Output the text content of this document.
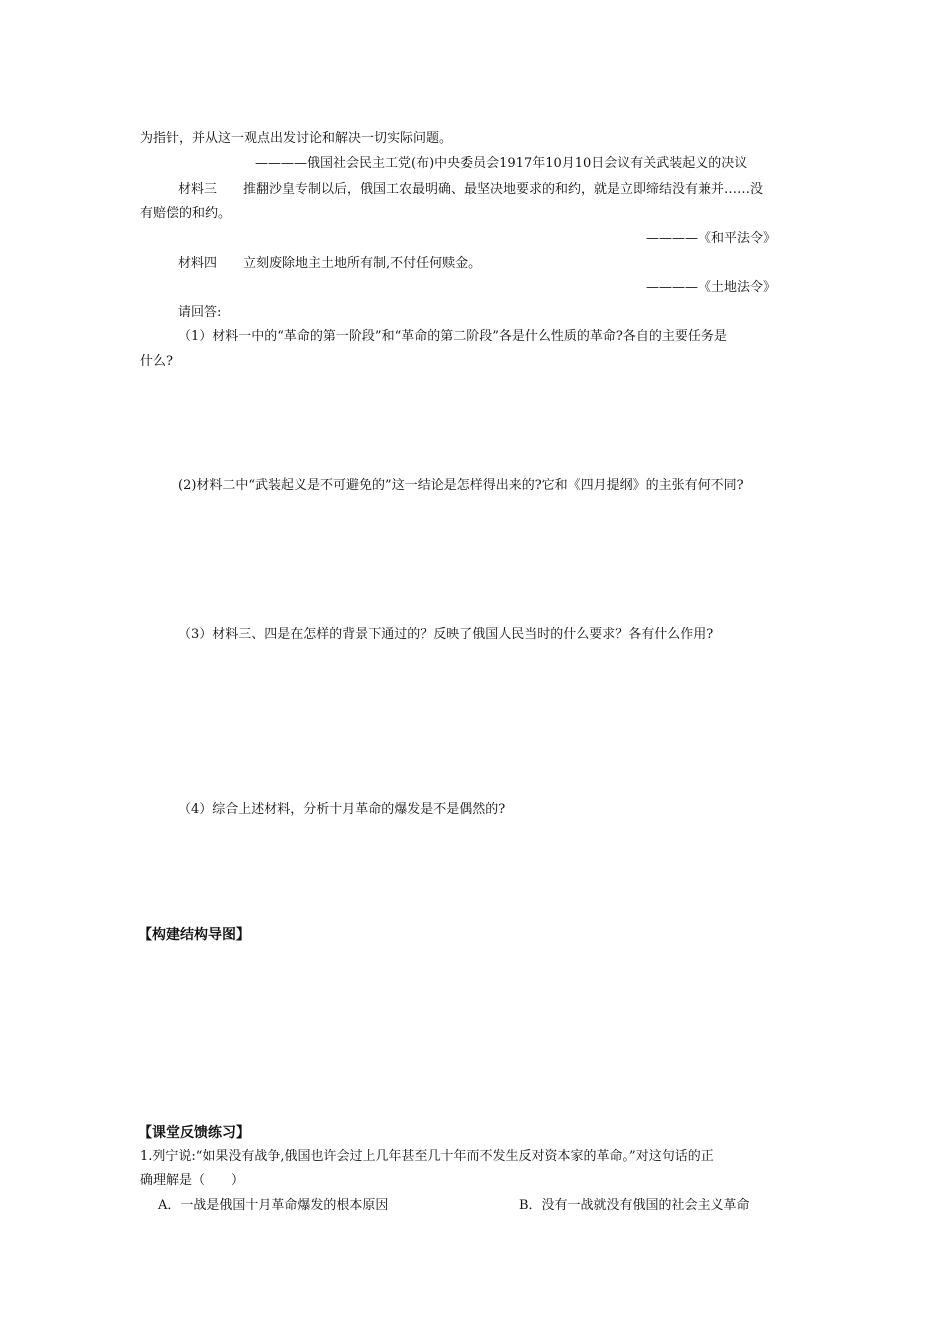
为指针，并从这一观点出发讨论和解决一切实际问题。

————俄国社会民主工党(布)中央委员会1917年10月10日会议有关武装起义的决议

材料三 推翻沙皇专制以后，俄国工农最明确、最坚决地要求的和约，就是立即缔结没有兼并……没

有赔偿的和约。

————《和平法令》

材料四 立刻废除地主土地所有制,不付任何赎金。

————《土地法令》

请回答:

（1）材料一中的“革命的第一阶段”和“革命的第二阶段”各是什么性质的革命?各自的主要任务是

什么?

(2)材料二中“武装起义是不可避免的”这一结论是怎样得出来的?它和《四月提纲》的主张有何不同?

（3）材料三、四是在怎样的背景下通过的？反映了俄国人民当时的什么要求？各有什么作用?

（4）综合上述材料，分析十月革命的爆发是不是偶然的?

【构建结构导图】

【课堂反馈练习】

1.列宁说:“如果没有战争,俄国也许会过上几年甚至几十年而不发生反对资本家的革命。”对这句话的正

确理解是（　　）

A．一战是俄国十月革命爆发的根本原因	B．没有一战就没有俄国的社会主义革命
